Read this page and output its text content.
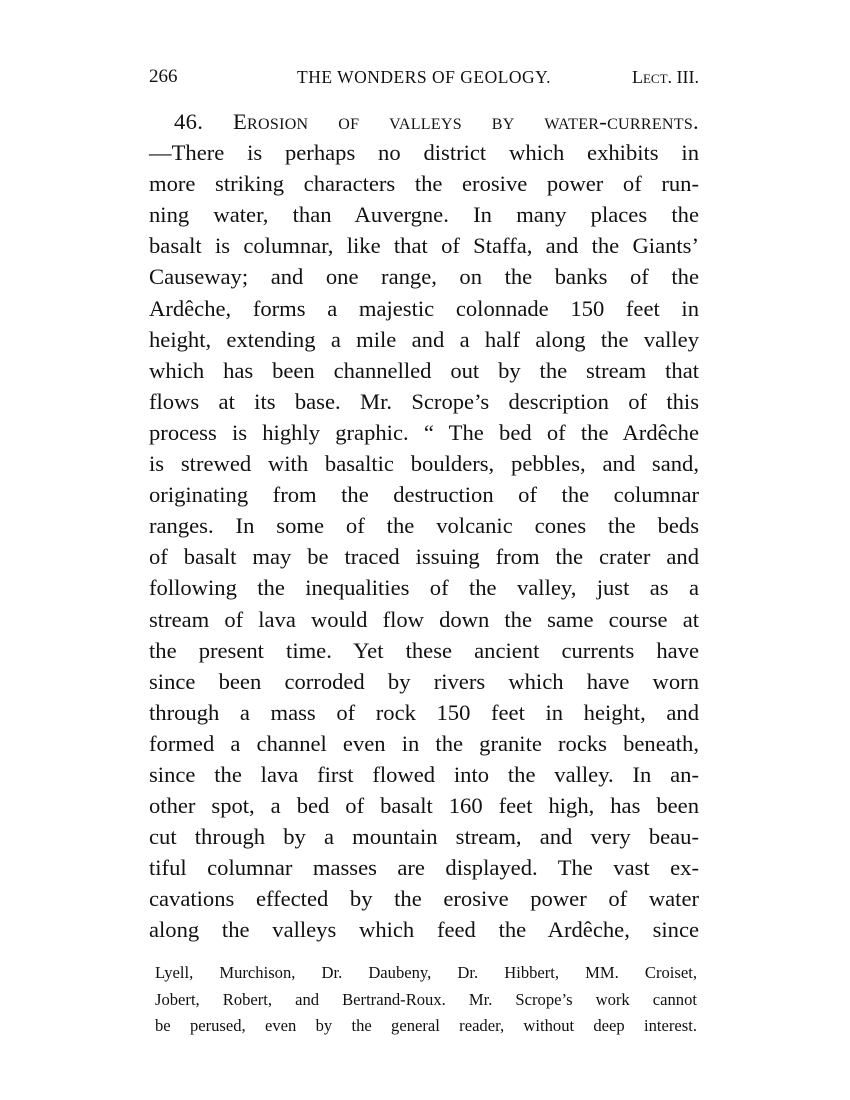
266	THE WONDERS OF GEOLOGY.	Lect. III.
46. Erosion of valleys by water-currents.
—There is perhaps no district which exhibits in
more striking characters the erosive power of run-
ning water, than Auvergne. In many places the
basalt is columnar, like that of Staffa, and the Giants’
Causeway; and one range, on the banks of the
Ardêche, forms a majestic colonnade 150 feet in
height, extending a mile and a half along the valley
which has been channelled out by the stream that
flows at its base. Mr. Scrope’s description of this
process is highly graphic. “ The bed of the Ardêche
is strewed with basaltic boulders, pebbles, and sand,
originating from the destruction of the columnar
ranges. In some of the volcanic cones the beds
of basalt may be traced issuing from the crater and
following the inequalities of the valley, just as a
stream of lava would flow down the same course at
the present time. Yet these ancient currents have
since been corroded by rivers which have worn
through a mass of rock 150 feet in height, and
formed a channel even in the granite rocks beneath,
since the lava first flowed into the valley. In an-
other spot, a bed of basalt 160 feet high, has been
cut through by a mountain stream, and very beau-
tiful columnar masses are displayed. The vast ex-
cavations effected by the erosive power of water
along the valleys which feed the Ardêche, since
Lyell, Murchison, Dr. Daubeny, Dr. Hibbert, MM. Croiset,
Jobert, Robert, and Bertrand-Roux. Mr. Scrope’s work cannot
be perused, even by the general reader, without deep interest.
